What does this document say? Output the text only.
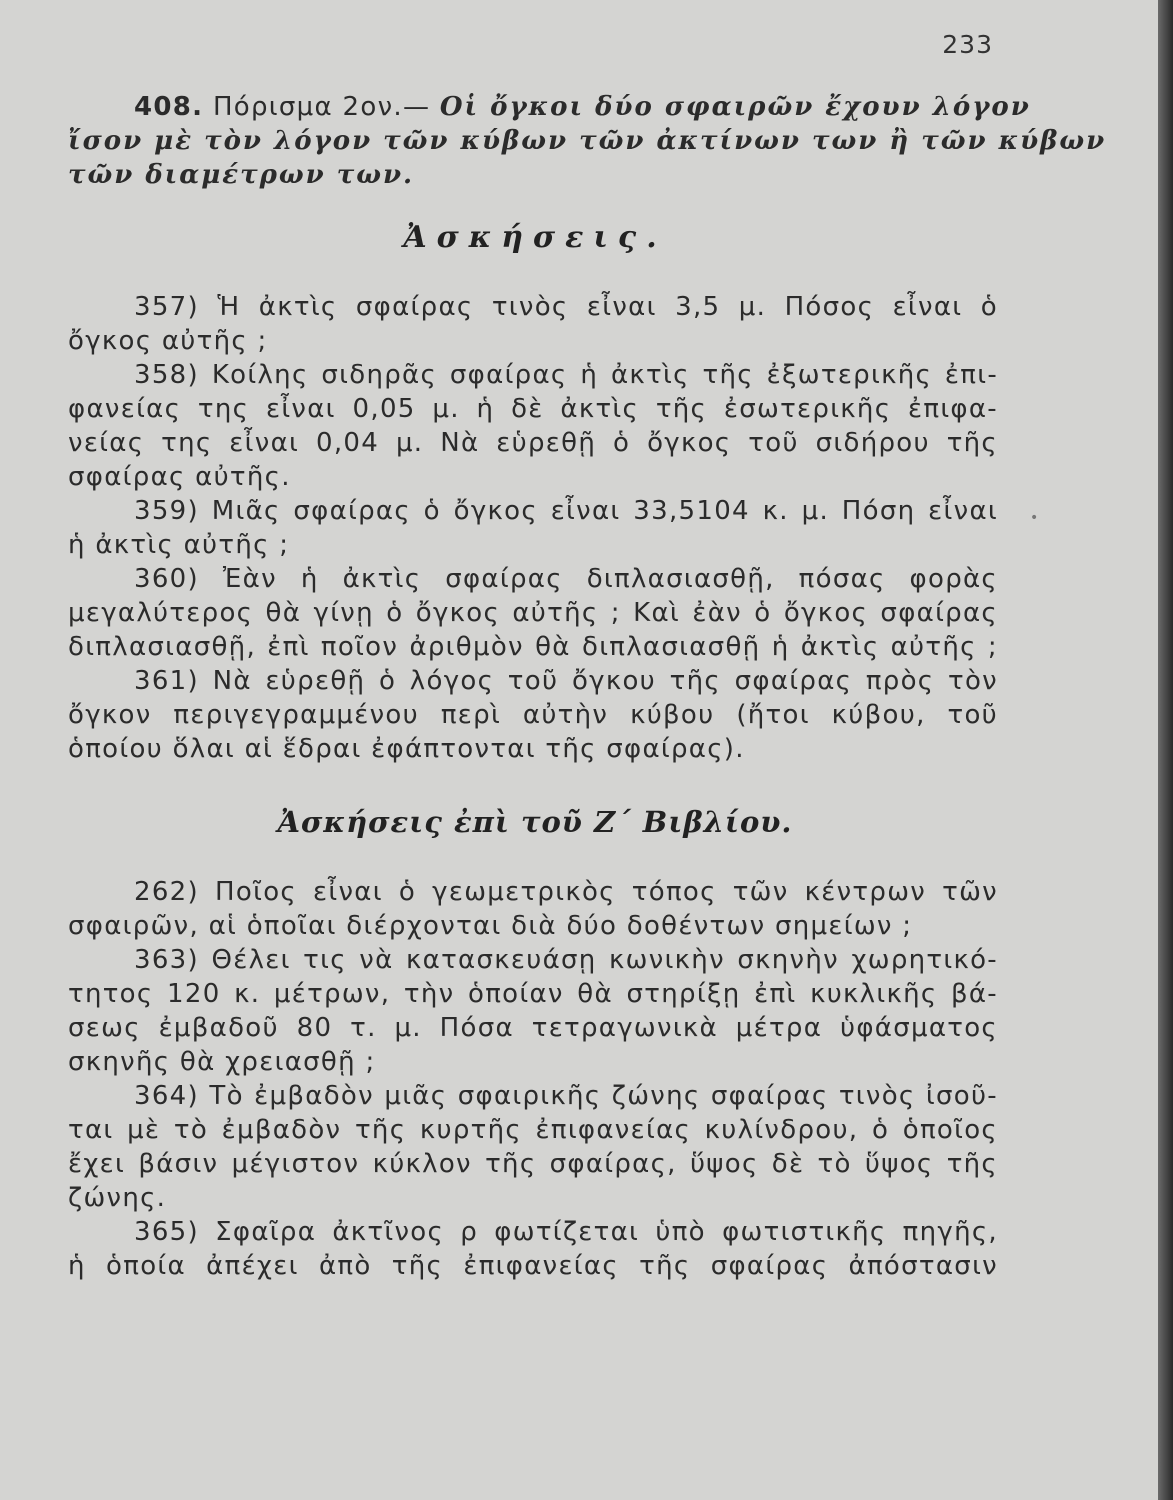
233
408. Πόρισμα 2ον.— Οἱ ὄγκοι δύο σφαιρῶν ἔχουν λόγον
ἴσον μὲ τὸν λόγον τῶν κύβων τῶν ἀκτίνων των ἢ τῶν κύβων
τῶν διαμέτρων των.
Ἀσκήσεις.
357) Ἡ ἀκτὶς σφαίρας τινὸς εἶναι 3,5 μ. Πόσος εἶναι ὁ
ὄγκος αὐτῆς ;
358) Κοίλης σιδηρᾶς σφαίρας ἡ ἀκτὶς τῆς ἐξωτερικῆς ἐπι-
φανείας της εἶναι 0,05 μ. ἡ δὲ ἀκτὶς τῆς ἐσωτερικῆς ἐπιφα-
νείας της εἶναι 0,04 μ. Νὰ εὑρεθῇ ὁ ὄγκος τοῦ σιδήρου τῆς
σφαίρας αὐτῆς.
359) Μιᾶς σφαίρας ὁ ὄγκος εἶναι 33,5104 κ. μ. Πόση εἶναι
ἡ ἀκτὶς αὐτῆς ;
360) Ἐὰν ἡ ἀκτὶς σφαίρας διπλασιασθῇ, πόσας φορὰς
μεγαλύτερος θὰ γίνῃ ὁ ὄγκος αὐτῆς ; Καὶ ἐὰν ὁ ὄγκος σφαίρας
διπλασιασθῇ, ἐπὶ ποῖον ἀριθμὸν θὰ διπλασιασθῇ ἡ ἀκτὶς αὐτῆς ;
361) Νὰ εὑρεθῇ ὁ λόγος τοῦ ὄγκου τῆς σφαίρας πρὸς τὸν
ὄγκον περιγεγραμμένου περὶ αὐτὴν κύβου (ἤτοι κύβου, τοῦ
ὁποίου ὅλαι αἱ ἕδραι ἐφάπτονται τῆς σφαίρας).
Ἀσκήσεις ἐπὶ τοῦ Ζ΄ Βιβλίου.
262) Ποῖος εἶναι ὁ γεωμετρικὸς τόπος τῶν κέντρων τῶν
σφαιρῶν, αἱ ὁποῖαι διέρχονται διὰ δύο δοθέντων σημείων ;
363) Θέλει τις νὰ κατασκευάσῃ κωνικὴν σκηνὴν χωρητικό-
τητος 120 κ. μέτρων, τὴν ὁποίαν θὰ στηρίξῃ ἐπὶ κυκλικῆς βά-
σεως ἐμβαδοῦ 80 τ. μ. Πόσα τετραγωνικὰ μέτρα ὑφάσματος
σκηνῆς θὰ χρειασθῇ ;
364) Τὸ ἐμβαδὸν μιᾶς σφαιρικῆς ζώνης σφαίρας τινὸς ἰσοῦ-
ται μὲ τὸ ἐμβαδὸν τῆς κυρτῆς ἐπιφανείας κυλίνδρου, ὁ ὁποῖος
ἔχει βάσιν μέγιστον κύκλον τῆς σφαίρας, ὕψος δὲ τὸ ὕψος τῆς
ζώνης.
365) Σφαῖρα ἀκτῖνος ρ φωτίζεται ὑπὸ φωτιστικῆς πηγῆς,
ἡ ὁποία ἀπέχει ἀπὸ τῆς ἐπιφανείας τῆς σφαίρας ἀπόστασιν
•
